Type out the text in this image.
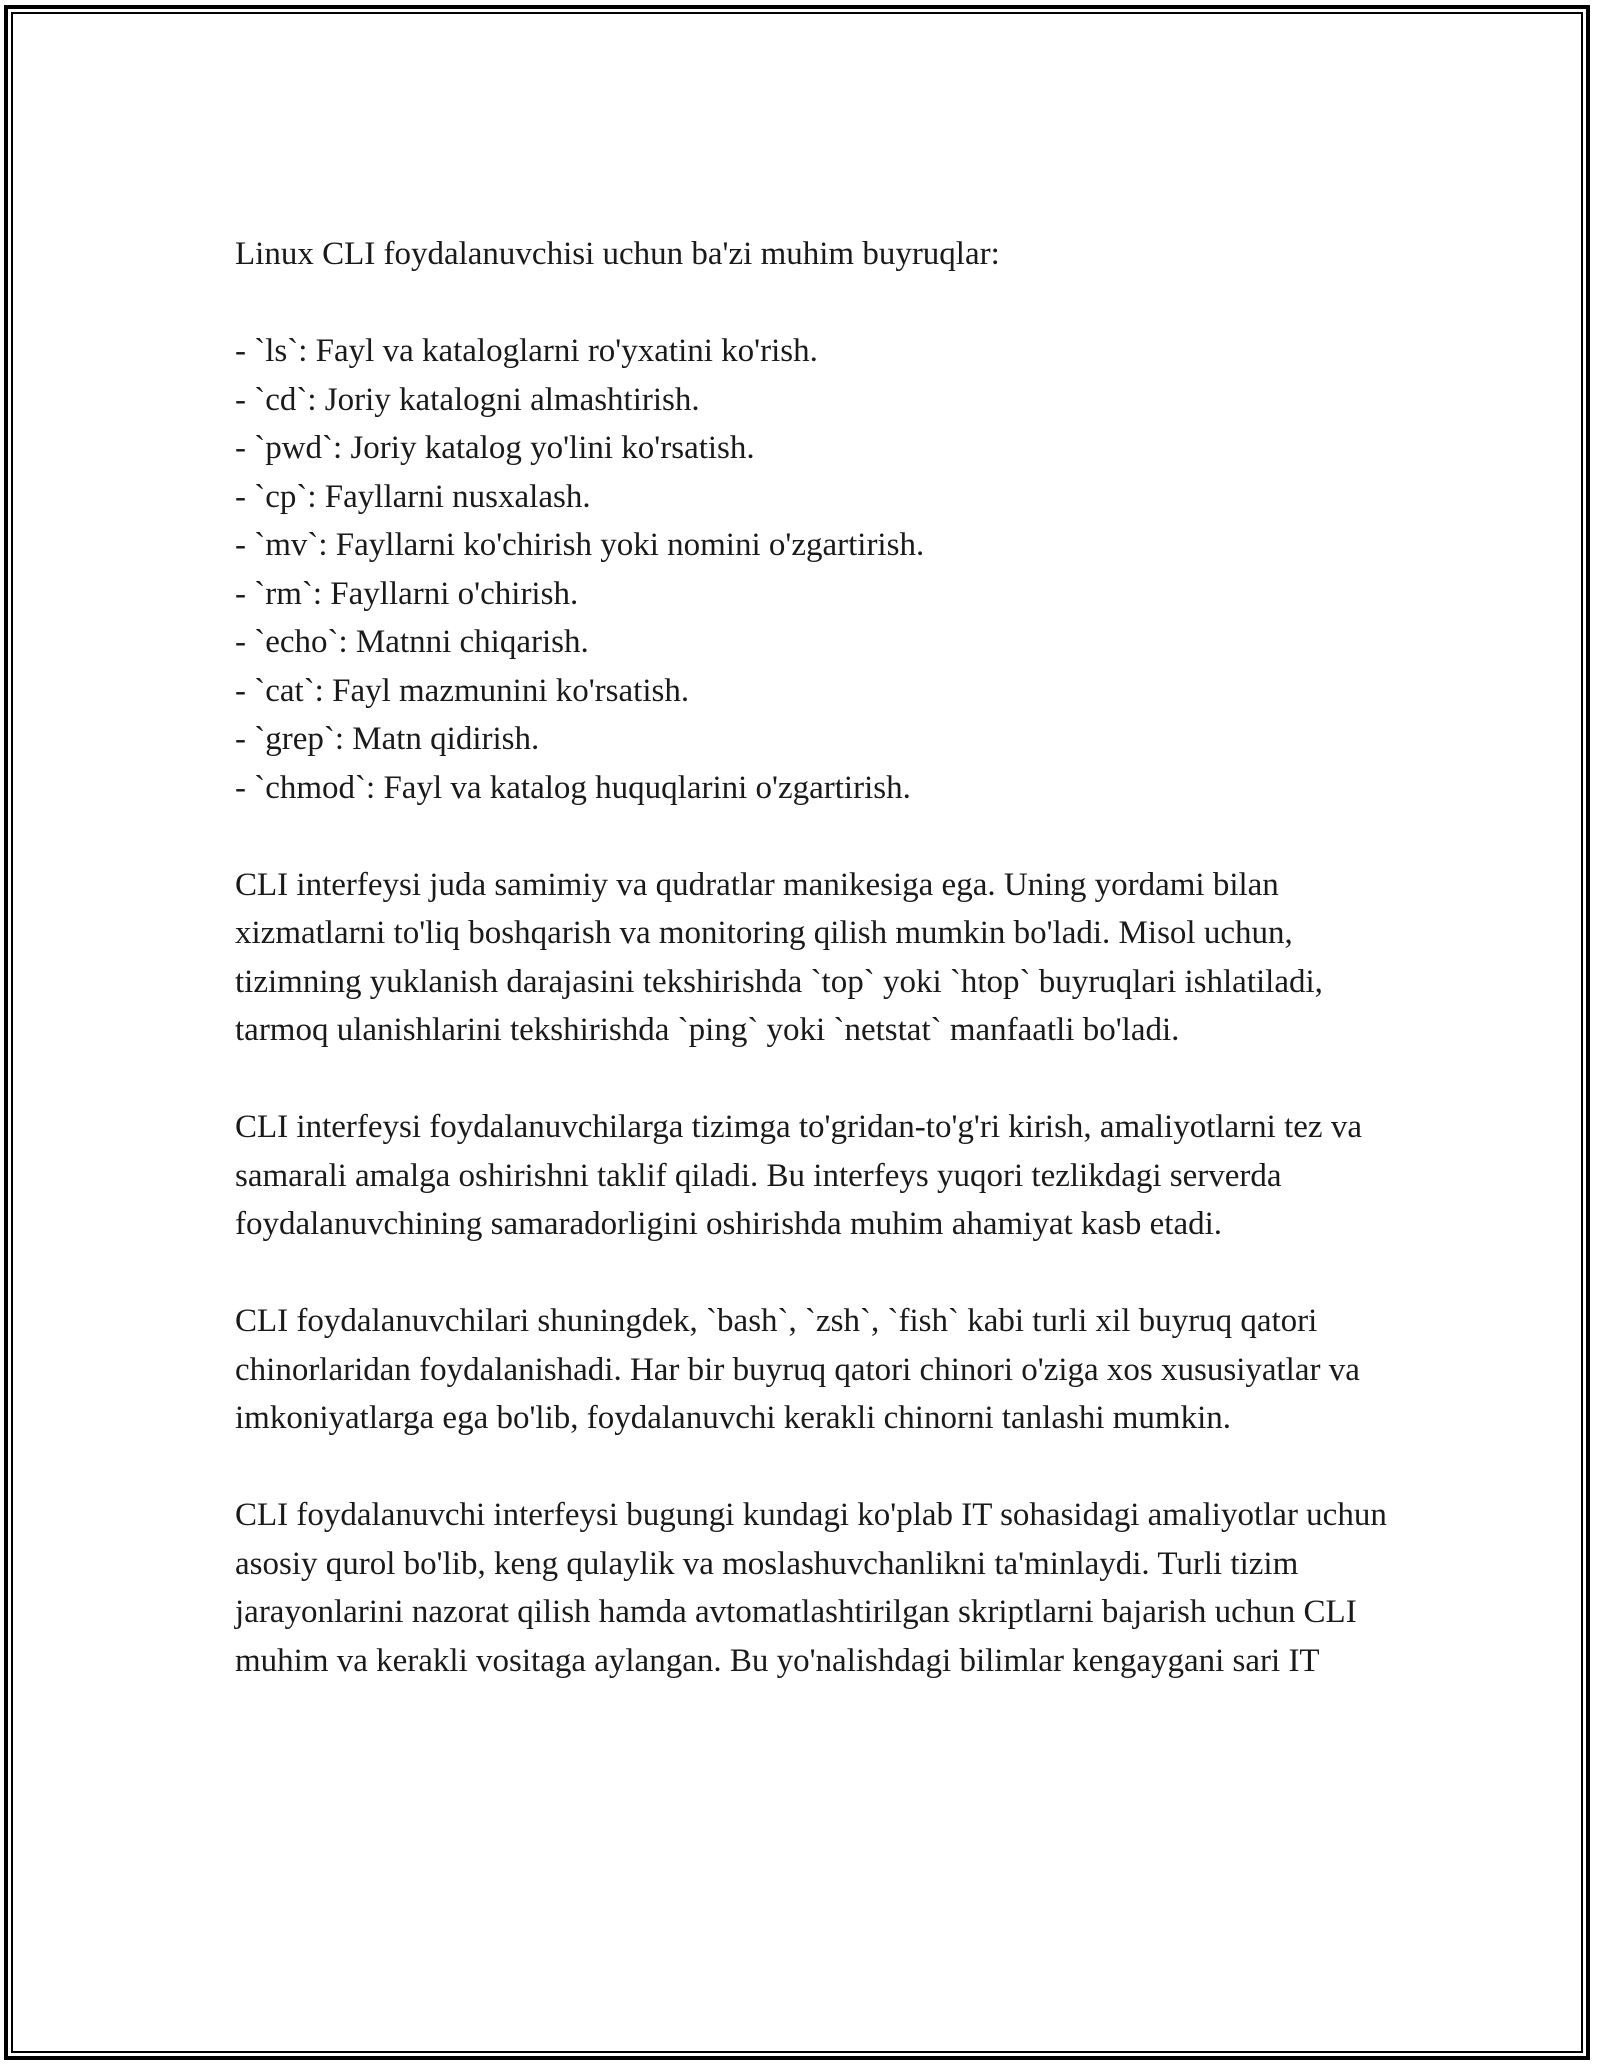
Linux CLI foydalanuvchisi uchun ba'zi muhim buyruqlar:

- `ls`: Fayl va kataloglarni ro'yxatini ko'rish.
- `cd`: Joriy katalogni almashtirish.
- `pwd`: Joriy katalog yo'lini ko'rsatish.
- `cp`: Fayllarni nusxalash.
- `mv`: Fayllarni ko'chirish yoki nomini o'zgartirish.
- `rm`: Fayllarni o'chirish.
- `echo`: Matnni chiqarish.
- `cat`: Fayl mazmunini ko'rsatish.
- `grep`: Matn qidirish.
- `chmod`: Fayl va katalog huquqlarini o'zgartirish.

CLI interfeysi juda samimiy va qudratlar manikesiga ega. Uning yordami bilan xizmatlarni to'liq boshqarish va monitoring qilish mumkin bo'ladi. Misol uchun, tizimning yuklanish darajasini tekshirishda `top` yoki `htop` buyruqlari ishlatiladi, tarmoq ulanishlarini tekshirishda `ping` yoki `netstat` manfaatli bo'ladi.

CLI interfeysi foydalanuvchilarga tizimga to'gridan-to'g'ri kirish, amaliyotlarni tez va samarali amalga oshirishni taklif qiladi. Bu interfeys yuqori tezlikdagi serverda foydalanuvchining samaradorligini oshirishda muhim ahamiyat kasb etadi.

CLI foydalanuvchilari shuningdek, `bash`, `zsh`, `fish` kabi turli xil buyruq qatori chinorlaridan foydalanishadi. Har bir buyruq qatori chinori o'ziga xos xususiyatlar va imkoniyatlarga ega bo'lib, foydalanuvchi kerakli chinorni tanlashi mumkin.

CLI foydalanuvchi interfeysi bugungi kundagi ko'plab IT sohasidagi amaliyotlar uchun asosiy qurol bo'lib, keng qulaylik va moslashuvchanlikni ta'minlaydi. Turli tizim jarayonlarini nazorat qilish hamda avtomatlashtirilgan skriptlarni bajarish uchun CLI muhim va kerakli vositaga aylangan. Bu yo'nalishdagi bilimlar kengaygani sari IT
